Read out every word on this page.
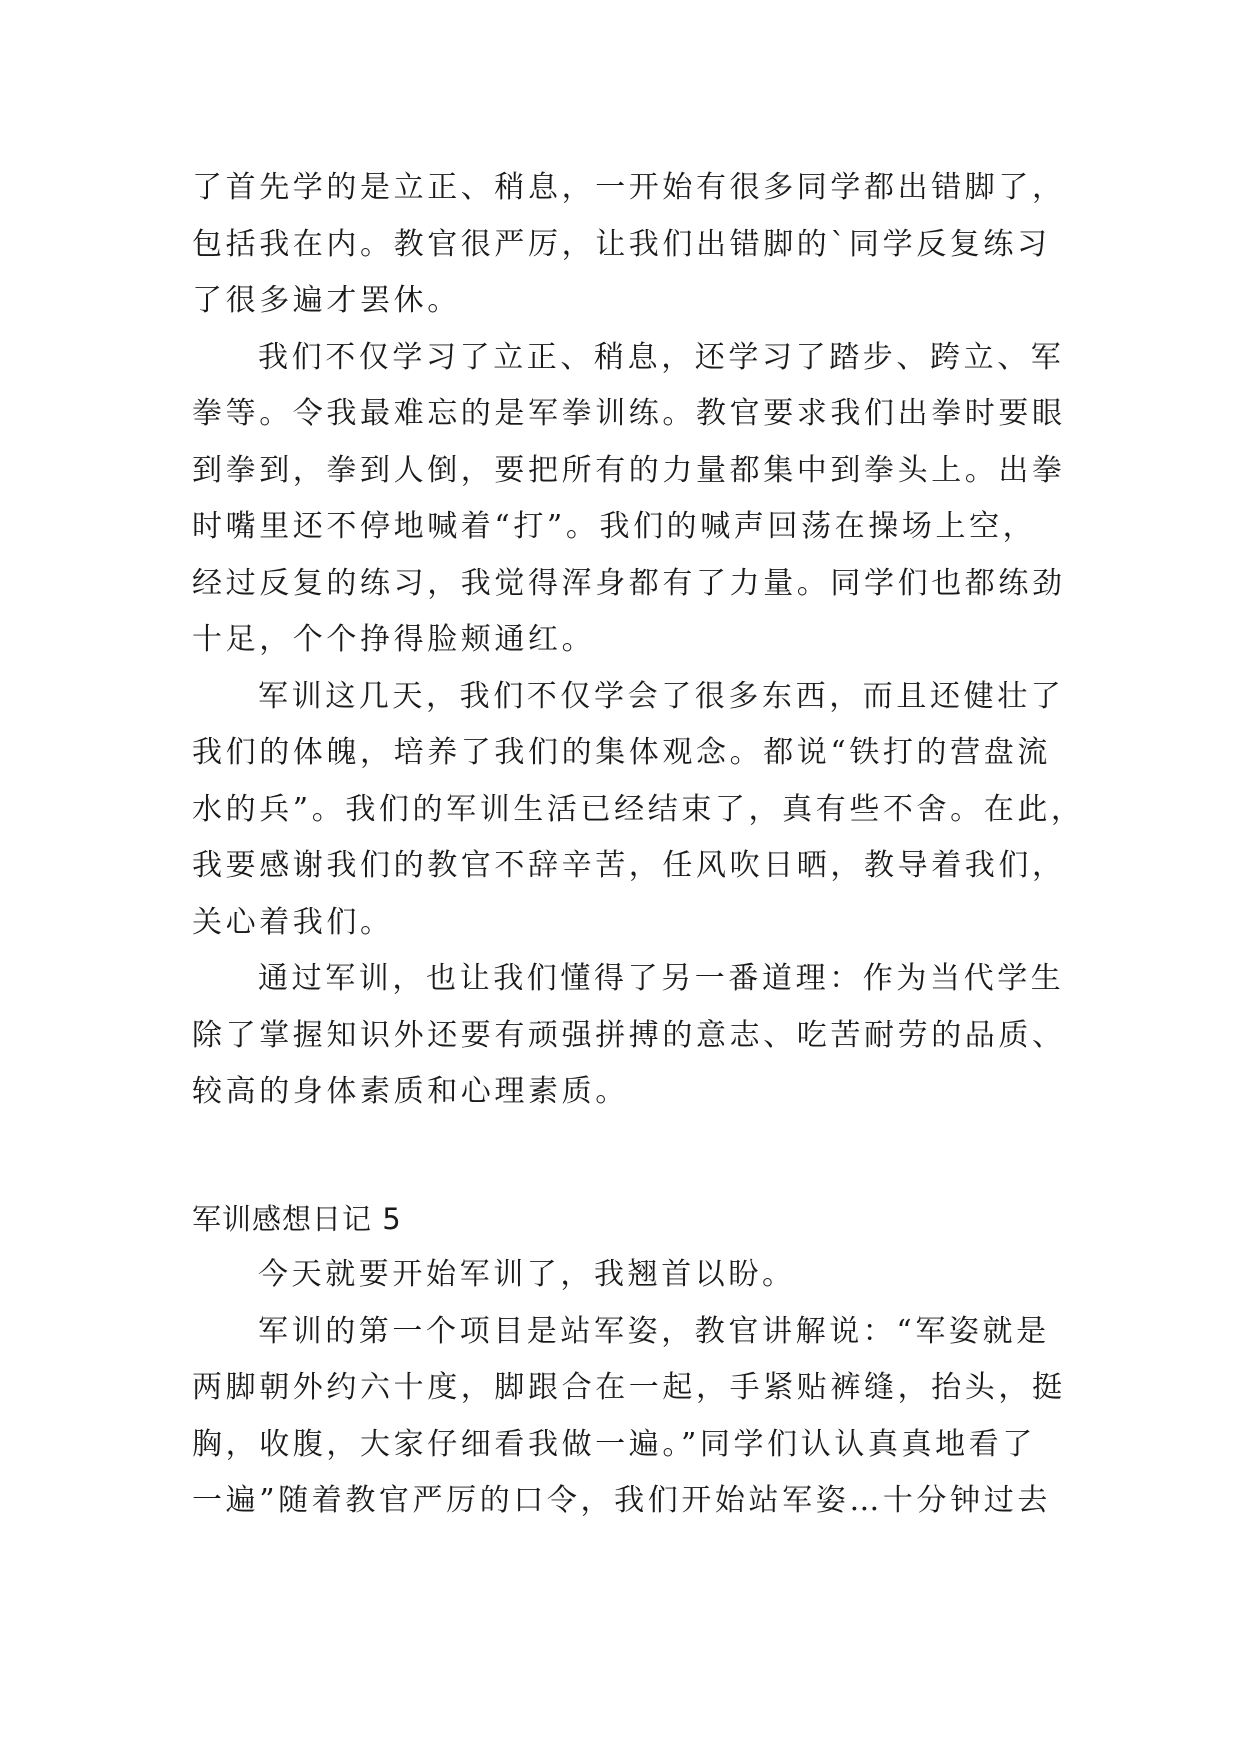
了首先学的是立正、稍息，一开始有很多同学都出错脚了，
包括我在内。教官很严厉，让我们出错脚的`同学反复练习
了很多遍才罢休。
我们不仅学习了立正、稍息，还学习了踏步、跨立、军
拳等。令我最难忘的是军拳训练。教官要求我们出拳时要眼
到拳到，拳到人倒，要把所有的力量都集中到拳头上。出拳
时嘴里还不停地喊着“打”。我们的喊声回荡在操场上空，
经过反复的练习，我觉得浑身都有了力量。同学们也都练劲
十足，个个挣得脸颊通红。
军训这几天，我们不仅学会了很多东西，而且还健壮了
我们的体魄，培养了我们的集体观念。都说“铁打的营盘流
水的兵”。我们的军训生活已经结束了，真有些不舍。在此，
我要感谢我们的教官不辞辛苦，任风吹日晒，教导着我们，
关心着我们。
通过军训，也让我们懂得了另一番道理：作为当代学生
除了掌握知识外还要有顽强拼搏的意志、吃苦耐劳的品质、
较高的身体素质和心理素质。
军训感想日记 5
今天就要开始军训了，我翘首以盼。
军训的第一个项目是站军姿，教官讲解说：“军姿就是
两脚朝外约六十度，脚跟合在一起，手紧贴裤缝，抬头，挺
胸，收腹，大家仔细看我做一遍。”同学们认认真真地看了
一遍”随着教官严厉的口令，我们开始站军姿…十分钟过去
